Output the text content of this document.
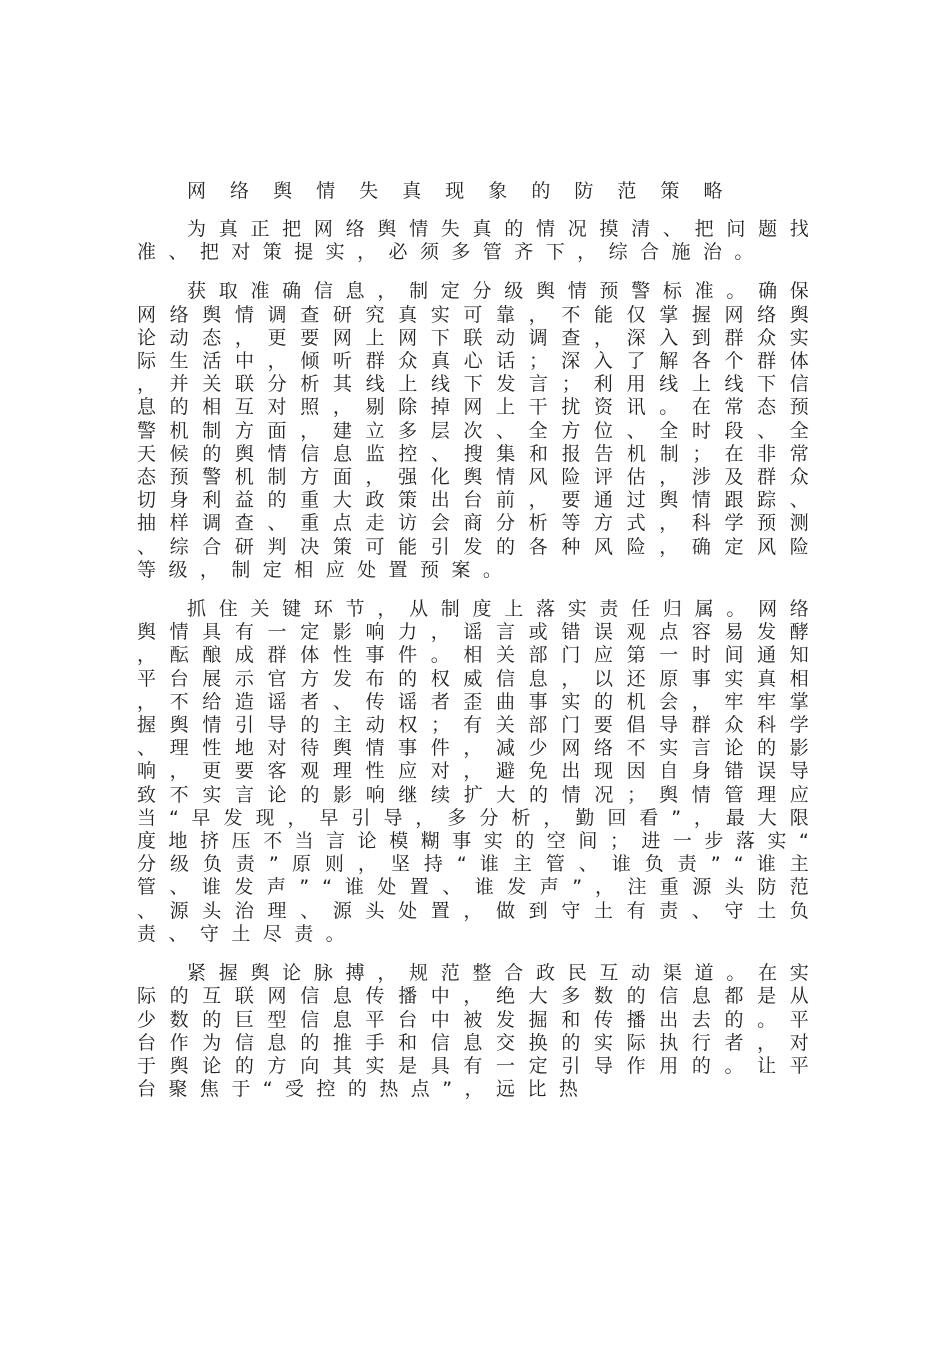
网 络 舆 情 失 真 现 象 的 防 范 策 略

为 真 正 把 网 络 舆 情 失 真 的 情 况 摸 清 、 把 问 题 找 准 、 把 对 策 提 实 ， 必 须 多 管 齐 下 ， 综 合 施 治 。

获 取 准 确 信 息 ， 制 定 分 级 舆 情 预 警 标 准 。 确 保 网 络 舆 情 调 查 研 究 真 实 可 靠 ， 不 能 仅 掌 握 网 络 舆 论 动 态 ， 更 要 网 上 网 下 联 动 调 查 ， 深 入 到 群 众 实 际 生 活 中 ， 倾 听 群 众 真 心 话 ； 深 入 了 解 各 个 群 体 ， 并 关 联 分 析 其 线 上 线 下 发 言 ； 利 用 线 上 线 下 信 息 的 相 互 对 照 ， 剔 除 掉 网 上 干 扰 资 讯 。 在 常 态 预 警 机 制 方 面 ， 建 立 多 层 次 、 全 方 位 、 全 时 段 、 全 天 候 的 舆 情 信 息 监 控 、 搜 集 和 报 告 机 制 ； 在 非 常 态 预 警 机 制 方 面 ， 强 化 舆 情 风 险 评 估 ， 涉 及 群 众 切 身 利 益 的 重 大 政 策 出 台 前 ， 要 通 过 舆 情 跟 踪 、 抽 样 调 查 、 重 点 走 访 会 商 分 析 等 方 式 ， 科 学 预 测 、 综 合 研 判 决 策 可 能 引 发 的 各 种 风 险 ， 确 定 风 险 等 级 ， 制 定 相 应 处 置 预 案 。

抓 住 关 键 环 节 ， 从 制 度 上 落 实 责 任 归 属 。 网 络 舆 情 具 有 一 定 影 响 力 ， 谣 言 或 错 误 观 点 容 易 发 酵 ， 酝 酿 成 群 体 性 事 件 。 相 关 部 门 应 第 一 时 间 通 知 平 台 展 示 官 方 发 布 的 权 威 信 息 ， 以 还 原 事 实 真 相 ， 不 给 造 谣 者 、 传 谣 者 歪 曲 事 实 的 机 会 ， 牢 牢 掌 握 舆 情 引 导 的 主 动 权 ； 有 关 部 门 要 倡 导 群 众 科 学 、 理 性 地 对 待 舆 情 事 件 ， 减 少 网 络 不 实 言 论 的 影 响 ， 更 要 客 观 理 性 应 对 ， 避 免 出 现 因 自 身 错 误 导 致 不 实 言 论 的 影 响 继 续 扩 大 的 情 况 ； 舆 情 管 理 应 当 “ 早 发 现 ， 早 引 导 ， 多 分 析 ， 勤 回 看 ” ， 最 大 限 度 地 挤 压 不 当 言 论 模 糊 事 实 的 空 间 ； 进 一 步 落 实 “ 分 级 负 责 ” 原 则 ， 坚 持 “ 谁 主 管 、 谁 负 责 ” “ 谁 主 管 、 谁 发 声 ” “ 谁 处 置 、 谁 发 声 ” ， 注 重 源 头 防 范 、 源 头 治 理 、 源 头 处 置 ， 做 到 守 土 有 责 、 守 土 负 责 、 守 土 尽 责 。

紧 握 舆 论 脉 搏 ， 规 范 整 合 政 民 互 动 渠 道 。 在 实 际 的 互 联 网 信 息 传 播 中 ， 绝 大 多 数 的 信 息 都 是 从 少 数 的 巨 型 信 息 平 台 中 被 发 掘 和 传 播 出 去 的 。 平 台 作 为 信 息 的 推 手 和 信 息 交 换 的 实 际 执 行 者 ， 对 于 舆 论 的 方 向 其 实 是 具 有 一 定 引 导 作 用 的 。 让 平 台 聚 焦 于 “ 受 控 的 热 点 ” ， 远 比 热
